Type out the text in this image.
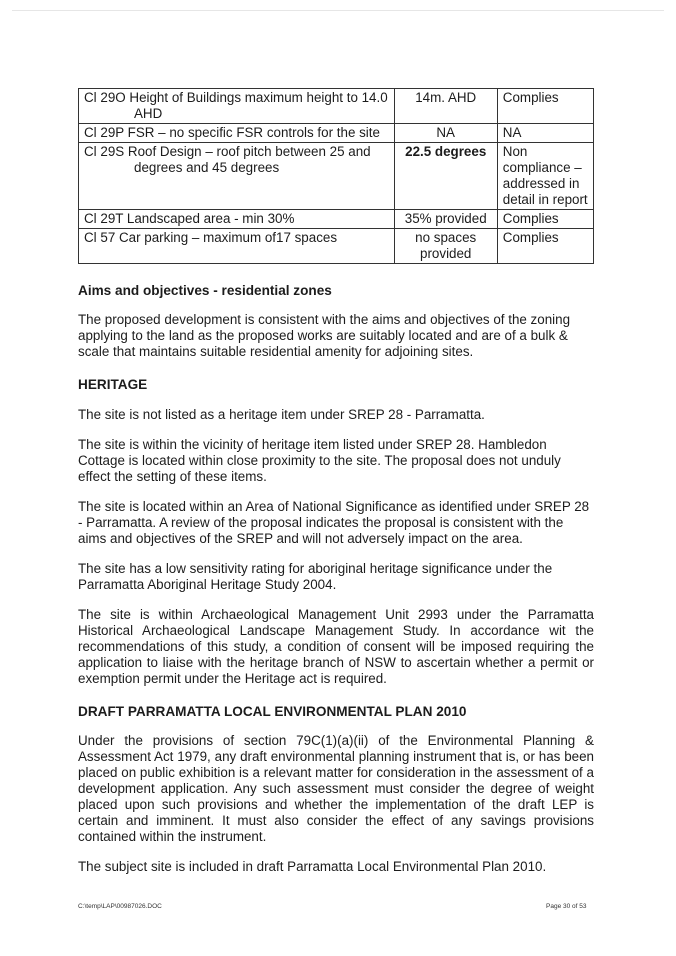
Cl 29O Height of Buildings maximum height to 14.0 AHD	14m. AHD	Complies

Cl 29P FSR – no specific FSR controls for the site	NA	NA

Cl 29S Roof Design – roof pitch between 25 and degrees and 45 degrees	22.5 degrees	Non compliance – addressed in detail in report

Cl 29T Landscaped area - min 30%	35% provided	Complies

Cl 57 Car parking – maximum of17 spaces	no spaces provided	Complies
Aims and objectives - residential zones

The proposed development is consistent with the aims and objectives of the zoning applying to the land as the proposed works are suitably located and are of a bulk & scale that maintains suitable residential amenity for adjoining sites.

HERITAGE

The site is not listed as a heritage item under SREP 28 - Parramatta.

The site is within the vicinity of heritage item listed under SREP 28. Hambledon Cottage is located within close proximity to the site. The proposal does not unduly effect the setting of these items.

The site is located within an Area of National Significance as identified under SREP 28 - Parramatta. A review of the proposal indicates the proposal is consistent with the aims and objectives of the SREP and will not adversely impact on the area.

The site has a low sensitivity rating for aboriginal heritage significance under the Parramatta Aboriginal Heritage Study 2004.

The site is within Archaeological Management Unit 2993 under the Parramatta Historical Archaeological Landscape Management Study. In accordance wit the recommendations of this study, a condition of consent will be imposed requiring the application to liaise with the heritage branch of NSW to ascertain whether a permit or exemption permit under the Heritage act is required.

DRAFT PARRAMATTA LOCAL ENVIRONMENTAL PLAN 2010

Under the provisions of section 79C(1)(a)(ii) of the Environmental Planning & Assessment Act 1979, any draft environmental planning instrument that is, or has been placed on public exhibition is a relevant matter for consideration in the assessment of a development application. Any such assessment must consider the degree of weight placed upon such provisions and whether the implementation of the draft LEP is certain and imminent. It must also consider the effect of any savings provisions contained within the instrument.

The subject site is included in draft Parramatta Local Environmental Plan 2010.

C:\temp\LAP\00987026.DOC	Page 30 of 53
